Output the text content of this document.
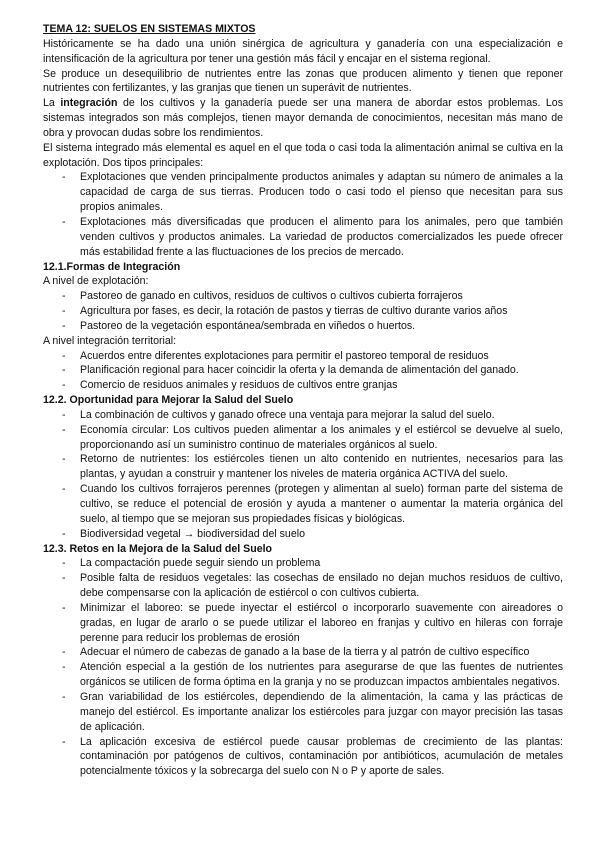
TEMA 12: SUELOS EN SISTEMAS MIXTOS

Históricamente se ha dado una unión sinérgica de agricultura y ganadería con una especialización e intensificación de la agricultura por tener una gestión más fácil y encajar en el sistema regional.

Se produce un desequilibrio de nutrientes entre las zonas que producen alimento y tienen que reponer nutrientes con fertilizantes, y las granjas que tienen un superávit de nutrientes.

La integración de los cultivos y la ganadería puede ser una manera de abordar estos problemas. Los sistemas integrados son más complejos, tienen mayor demanda de conocimientos, necesitan más mano de obra y provocan dudas sobre los rendimientos.

El sistema integrado más elemental es aquel en el que toda o casi toda la alimentación animal se cultiva en la explotación. Dos tipos principales:

- Explotaciones que venden principalmente productos animales y adaptan su número de animales a la capacidad de carga de sus tierras. Producen todo o casi todo el pienso que necesitan para sus propios animales.
- Explotaciones más diversificadas que producen el alimento para los animales, pero que también venden cultivos y productos animales. La variedad de productos comercializados les puede ofrecer más estabilidad frente a las fluctuaciones de los precios de mercado.

12.1.Formas de Integración

A nivel de explotación:

- Pastoreo de ganado en cultivos, residuos de cultivos o cultivos cubierta forrajeros
- Agricultura por fases, es decir, la rotación de pastos y tierras de cultivo durante varios años
- Pastoreo de la vegetación espontánea/sembrada en viñedos o huertos.

A nivel integración territorial:

- Acuerdos entre diferentes explotaciones para permitir el pastoreo temporal de residuos
- Planificación regional para hacer coincidir la oferta y la demanda de alimentación del ganado.
- Comercio de residuos animales y residuos de cultivos entre granjas

12.2. Oportunidad para Mejorar la Salud del Suelo

- La combinación de cultivos y ganado ofrece una ventaja para mejorar la salud del suelo.
- Economía circular: Los cultivos pueden alimentar a los animales y el estiércol se devuelve al suelo, proporcionando así un suministro continuo de materiales orgánicos al suelo.
- Retorno de nutrientes: los estiércoles tienen un alto contenido en nutrientes, necesarios para las plantas, y ayudan a construir y mantener los niveles de materia orgánica ACTIVA del suelo.
- Cuando los cultivos forrajeros perennes (protegen y alimentan al suelo) forman parte del sistema de cultivo, se reduce el potencial de erosión y ayuda a mantener o aumentar la materia orgánica del suelo, al tiempo que se mejoran sus propiedades físicas y biológicas.
- Biodiversidad vegetal → biodiversidad del suelo

12.3. Retos en la Mejora de la Salud del Suelo

- La compactación puede seguir siendo un problema
- Posible falta de residuos vegetales: las cosechas de ensilado no dejan muchos residuos de cultivo, debe compensarse con la aplicación de estiércol o con cultivos cubierta.
- Minimizar el laboreo: se puede inyectar el estiércol o incorporarlo suavemente con aireadores o gradas, en lugar de ararlo o se puede utilizar el laboreo en franjas y cultivo en hileras con forraje perenne para reducir los problemas de erosión
- Adecuar el número de cabezas de ganado a la base de la tierra y al patrón de cultivo específico
- Atención especial a la gestión de los nutrientes para asegurarse de que las fuentes de nutrientes orgánicos se utilicen de forma óptima en la granja y no se produzcan impactos ambientales negativos.
- Gran variabilidad de los estiércoles, dependiendo de la alimentación, la cama y las prácticas de manejo del estiércol. Es importante analizar los estiércoles para juzgar con mayor precisión las tasas de aplicación.
- La aplicación excesiva de estiércol puede causar problemas de crecimiento de las plantas: contaminación por patógenos de cultivos, contaminación por antibióticos, acumulación de metales potencialmente tóxicos y la sobrecarga del suelo con N o P y aporte de sales.
